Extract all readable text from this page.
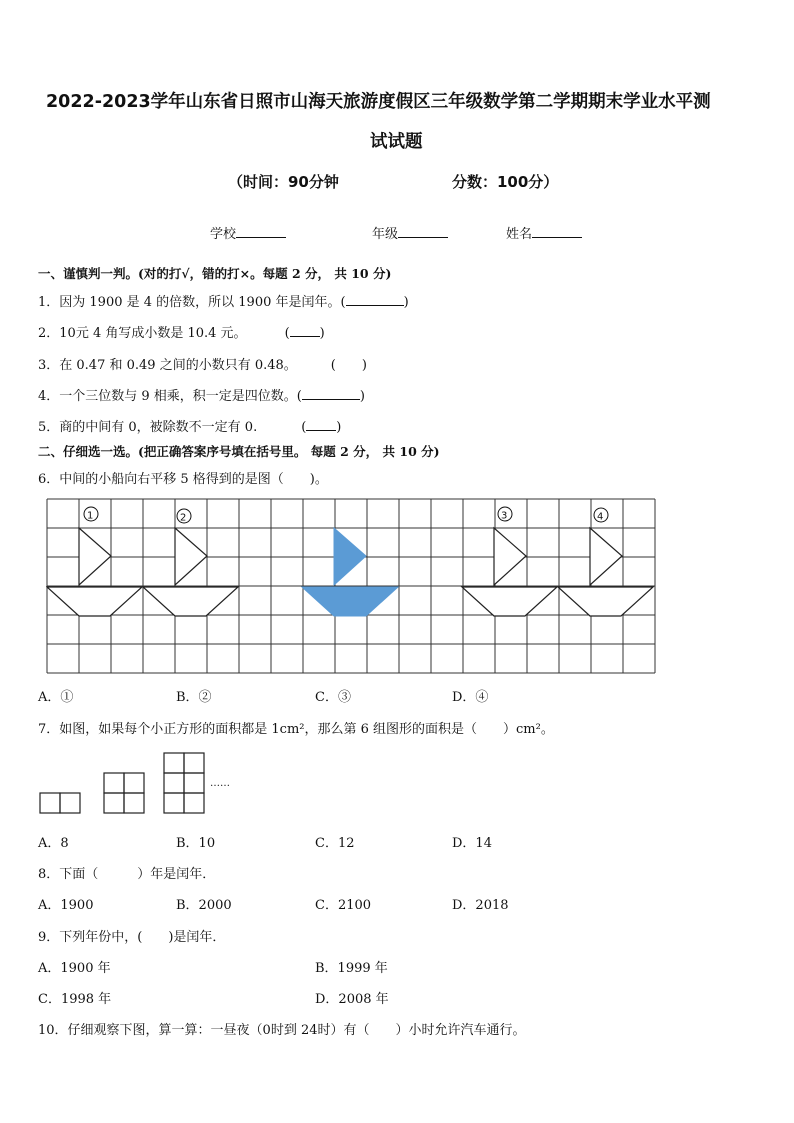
2022-2023学年山东省日照市山海天旅游度假区三年级数学第二学期期末学业水平测
试试题
（时间：90分钟	分数：100分）
学校	年级	姓名
一、谨慎判一判。(对的打√，错的打×。每题 2 分， 共 10 分)
1．因为 1900 是 4 的倍数，所以 1900 年是闰年。(	)
2．10元 4 角写成小数是 10.4 元。	( )
3．在 0.47 和 0.49 之间的小数只有 0.48。	(　　)
4．一个三位数与 9 相乘，积一定是四位数。(	)
5．商的中间有 0，被除数不一定有 0.	( )
二、仔细选一选。(把正确答案序号填在括号里。 每题 2 分， 共 10 分)
6．中间的小船向右平移 5 格得到的是图（　　)。
1	2	3	4
A．①	B．②	C．③	D．④
7．如图，如果每个小正方形的面积都是 1cm²，那么第 6 组图形的面积是（　　）cm²。
……
A．8	B．10	C．12	D．14
8．下面（　　　）年是闰年．
A．1900	B．2000	C．2100	D．2018
9．下列年份中，(　　)是闰年．
A．1900 年	B．1999 年
C．1998 年	D．2008 年
10．仔细观察下图，算一算：一昼夜（0时到 24时）有（　　）小时允许汽车通行。
